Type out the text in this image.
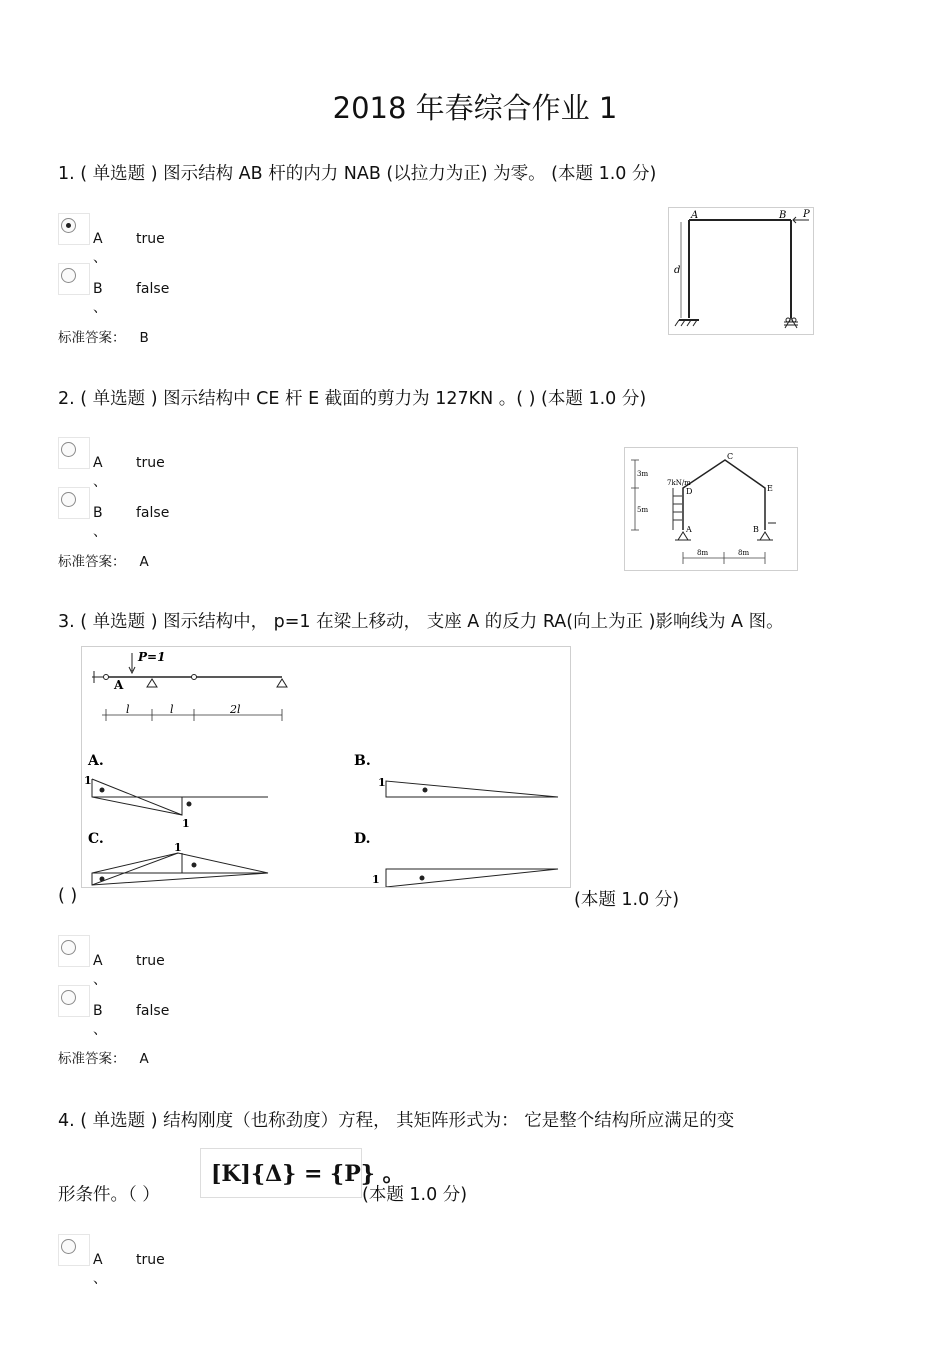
2018 年春综合作业 1
1. ( 单选题 ) 图示结构 AB 杆的内力 NAB (以拉力为正) 为零。 (本题 1.0 分)
A 、
true
B 、
false
标准答案： B
A	B P
d
2. ( 单选题 ) 图示结构中 CE 杆 E 截面的剪力为 127KN 。( ) (本题 1.0 分)
A 、
true
B 、
false
标准答案： A
C
D	E
A	B
7kN/m
3m
5m
8m	8m
3. ( 单选题 ) 图示结构中， p=1 在梁上移动， 支座 A 的反力 RA(向上为正 )影响线为 A 图。
P=1
A
l	l	2l
A.
1
1
B.
1
C.
1
D.
1
( )	(本题 1.0 分)
A 、
true
B 、
false
标准答案： A
4. ( 单选题 ) 结构刚度（也称劲度）方程， 其矩阵形式为： 它是整个结构所应满足的变
形条件。（ ）
[K]{Δ} = {P} 。
(本题 1.0 分)
A 、
true
